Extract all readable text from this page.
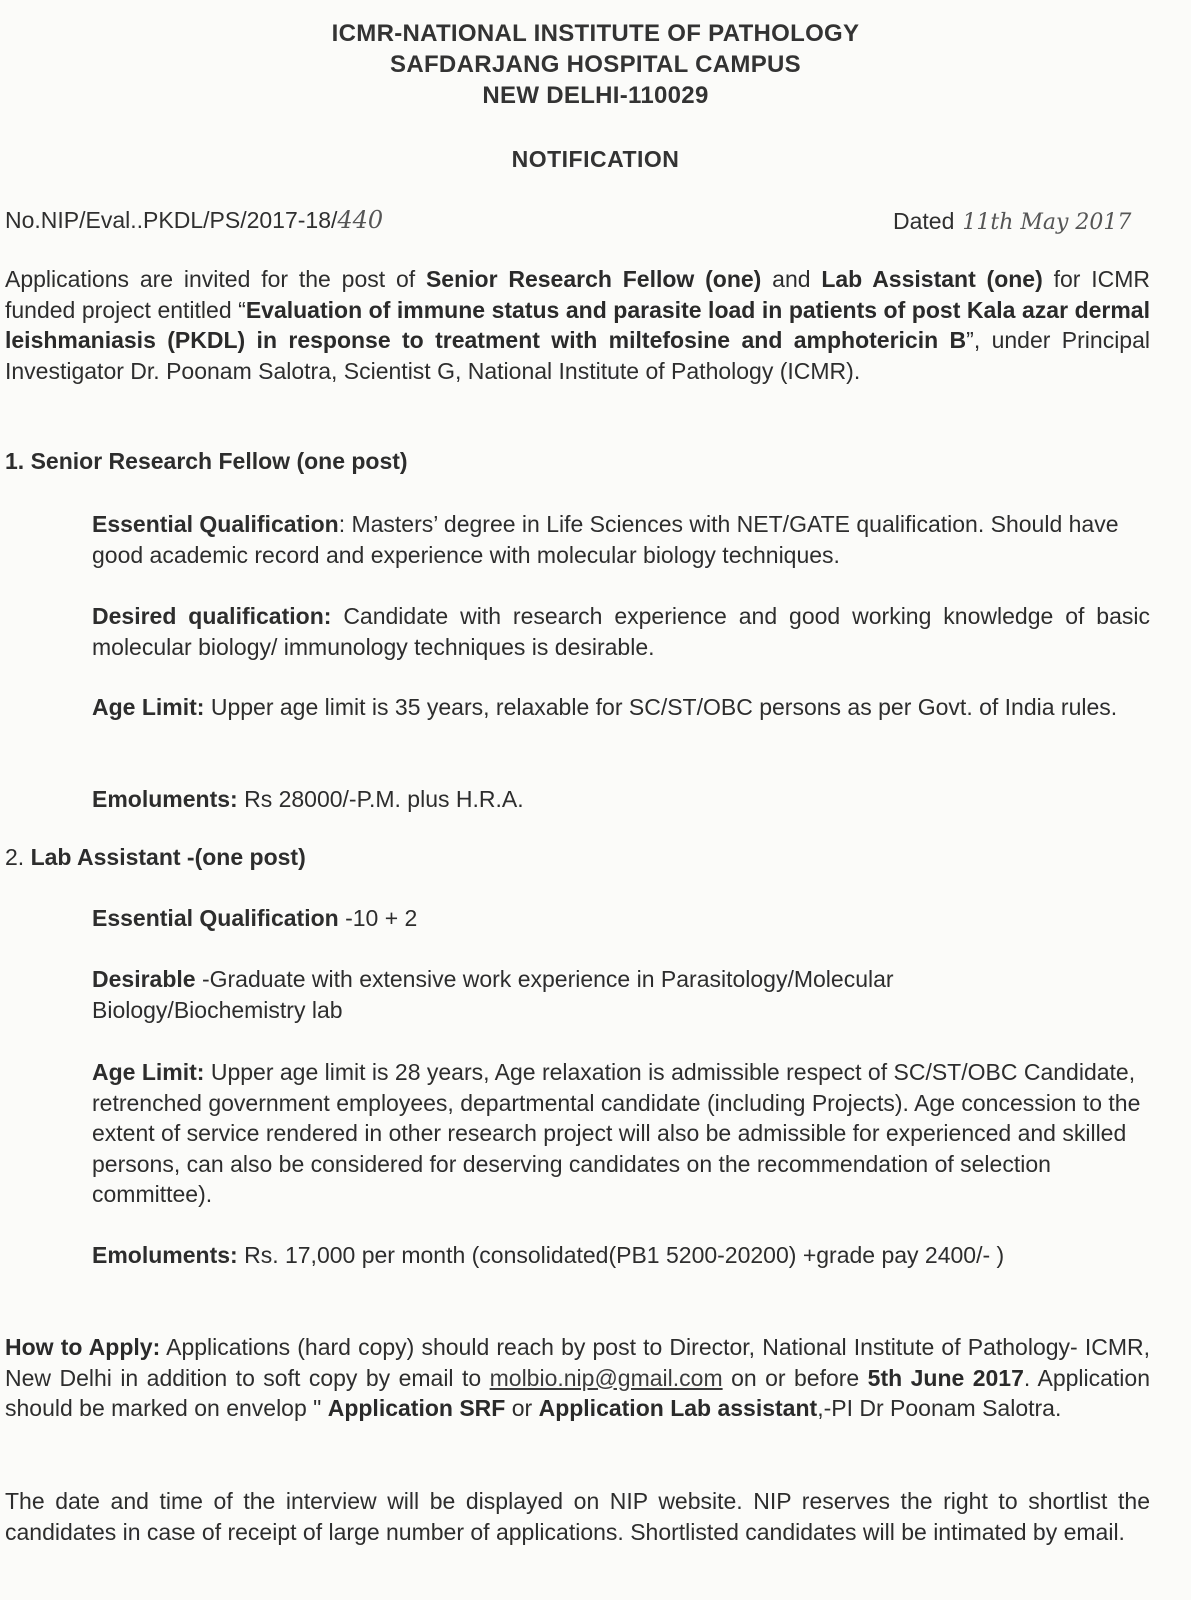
ICMR-NATIONAL INSTITUTE OF PATHOLOGY
SAFDARJANG HOSPITAL CAMPUS
NEW DELHI-110029
NOTIFICATION
No.NIP/Eval..PKDL/PS/2017-18/440	Dated 11th May 2017
Applications are invited for the post of Senior Research Fellow (one) and Lab Assistant (one) for ICMR funded project entitled “Evaluation of immune status and parasite load in patients of post Kala azar dermal leishmaniasis (PKDL) in response to treatment with miltefosine and amphotericin B”, under Principal Investigator Dr. Poonam Salotra, Scientist G, National Institute of Pathology (ICMR).
1. Senior Research Fellow (one post)
Essential Qualification: Masters’ degree in Life Sciences with NET/GATE qualification. Should have good academic record and experience with molecular biology techniques.
Desired qualification: Candidate with research experience and good working knowledge of basic molecular biology/ immunology techniques is desirable.
Age Limit: Upper age limit is 35 years, relaxable for SC/ST/OBC persons as per Govt. of India rules.
Emoluments: Rs 28000/-P.M. plus H.R.A.
2. Lab Assistant -(one post)
Essential Qualification -10 + 2
Desirable -Graduate with extensive work experience in Parasitology/Molecular Biology/Biochemistry lab
Age Limit: Upper age limit is 28 years, Age relaxation is admissible respect of SC/ST/OBC Candidate, retrenched government employees, departmental candidate (including Projects). Age concession to the extent of service rendered in other research project will also be admissible for experienced and skilled persons, can also be considered for deserving candidates on the recommendation of selection committee).
Emoluments: Rs. 17,000 per month (consolidated(PB1 5200-20200) +grade pay 2400/- )
How to Apply: Applications (hard copy) should reach by post to Director, National Institute of Pathology- ICMR, New Delhi in addition to soft copy by email to molbio.nip@gmail.com on or before 5th June 2017. Application should be marked on envelop " Application SRF or Application Lab assistant,-PI Dr Poonam Salotra.
The date and time of the interview will be displayed on NIP website. NIP reserves the right to shortlist the candidates in case of receipt of large number of applications. Shortlisted candidates will be intimated by email.
